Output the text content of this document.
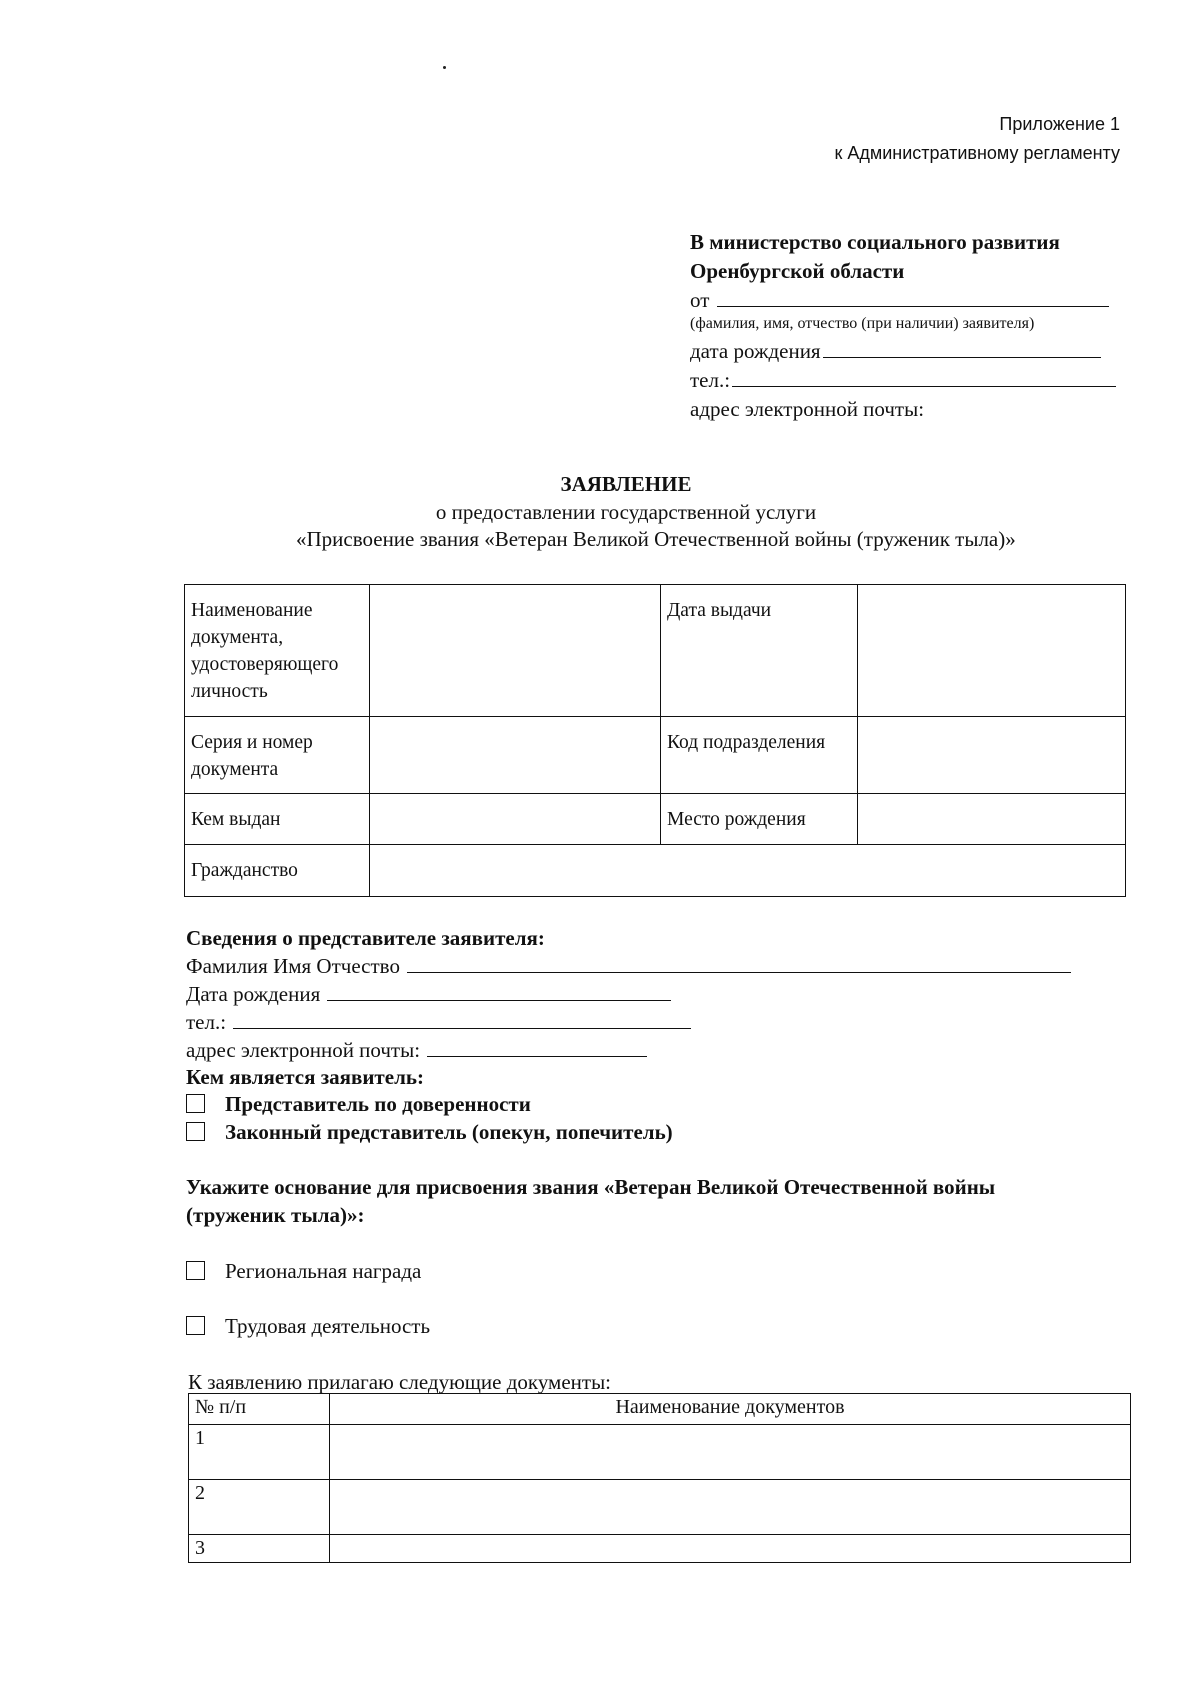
Приложение 1
к Административному регламенту
В министерство социального развития
Оренбургской области
от
(фамилия, имя, отчество (при наличии) заявителя)
дата рождения
тел.:
адрес электронной почты:
ЗАЯВЛЕНИЕ
о предоставлении государственной услуги
«Присвоение звания «Ветеран Великой Отечественной войны (труженик тыла)»
Наименование документа, удостоверяющего личность		Дата выдачи	
Серия и номер документа		Код подразделения	
Кем выдан		Место рождения	
Гражданство			
Сведения о представителе заявителя:
Фамилия Имя Отчество
Дата рождения
тел.:
адрес электронной почты:
Кем является заявитель:
Представитель по доверенности
Законный представитель (опекун, попечитель)
Укажите основание для присвоения звания «Ветеран Великой Отечественной войны
(труженик тыла)»:
Региональная награда
Трудовая деятельность
К заявлению прилагаю следующие документы:
№ п/п	Наименование документов
1	
2	
3	
